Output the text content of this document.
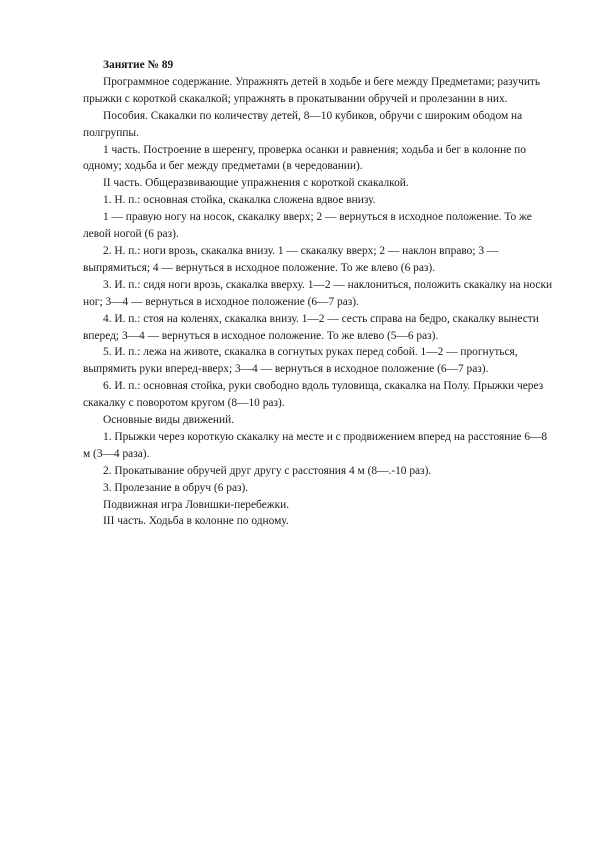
Занятие № 89

Программное содержание. Упражнять детей в ходьбе и беге между Предметами; разучить прыжки с короткой скакалкой; упражнять в прокатывании обручей и пролезании в них.

Пособия. Скакалки по количеству детей, 8—10 кубиков, обручи с широким ободом на полгруппы.

1 часть. Построение в шеренгу, проверка осанки и равнения; ходьба и бег в колонне по одному; ходьба и бег между предметами (в чередовании).

II часть. Общеразвивающие упражнения с короткой скакалкой.

1. Н. п.: основная стойка, скакалка сложена вдвое внизу.

1 — правую ногу на носок, скакалку вверх; 2 — вернуться в исходное положение. То же левой ногой (6 раз).

2. Н. п.: ноги врозь, скакалка внизу. 1 — скакалку вверх; 2 — наклон вправо; 3 — выпрямиться; 4 — вернуться в исходное положение. То же влево (6 раз).

3. И. п.: сидя ноги врозь, скакалка вверху. 1—2 — наклониться, положить скакалку на носки ног; 3—4 — вернуться в исходное положение (6—7 раз).

4. И. п.: стоя на коленях, скакалка внизу. 1—2 — сесть справа на бедро, скакалку вынести вперед; 3—4 — вернуться в исходное положение. То же влево (5—6 раз).

5. И. п.: лежа на животе, скакалка в согнутых руках перед собой. 1—2 — прогнуться, выпрямить руки вперед-вверх; 3—4 — вернуться в исходное положение (6—7 раз).

6. И. п.: основная стойка, руки свободно вдоль туловища, скакалка на Полу. Прыжки через скакалку с поворотом кругом (8—10 раз).

Основные виды движений.

1. Прыжки через короткую скакалку на месте и с продвижением вперед на расстояние 6—8 м (3—4 раза).

2. Прокатывание обручей друг другу с расстояния 4 м (8—.-10 раз).

3. Пролезание в обруч (6 раз).

Подвижная игра Ловишки-перебежки.

III часть. Ходьба в колонне по одному.
